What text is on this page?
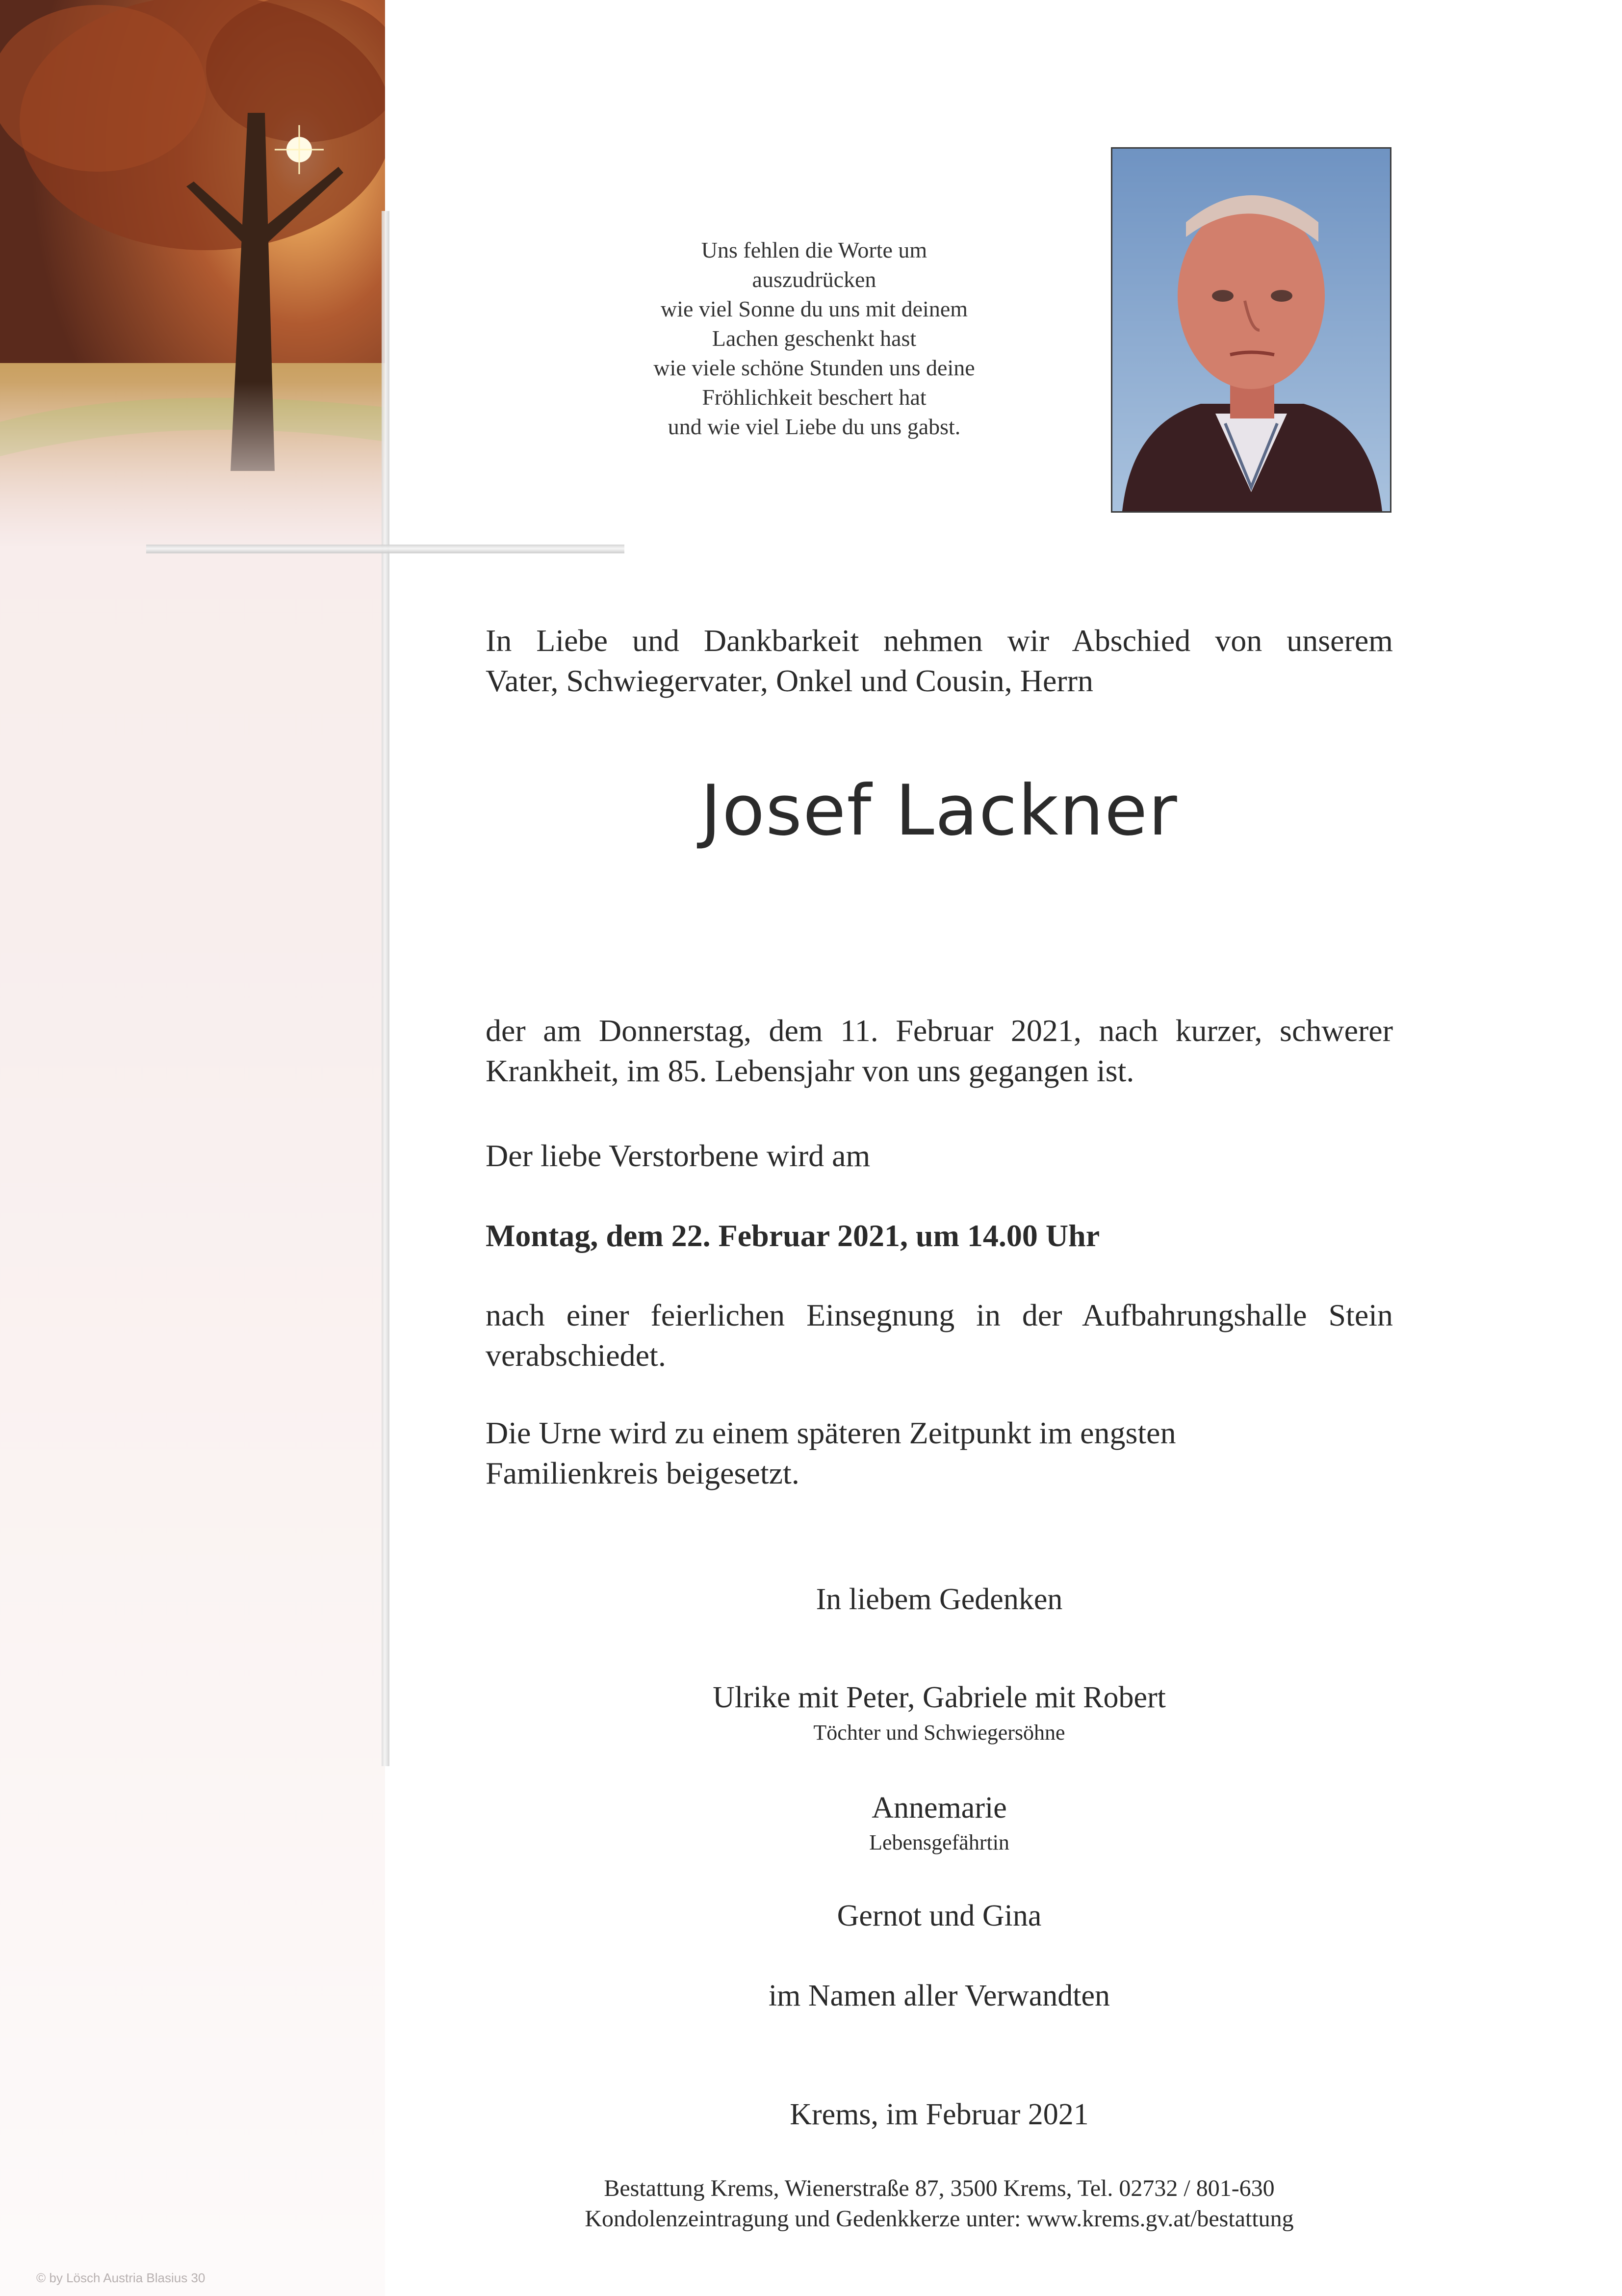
Uns fehlen die Worte um
auszudrücken
wie viel Sonne du uns mit deinem
Lachen geschenkt hast
wie viele schöne Stunden uns deine
Fröhlichkeit beschert hat
und wie viel Liebe du uns gabst.
In Liebe und Dankbarkeit nehmen wir Abschied von unserem
Vater, Schwiegervater, Onkel und Cousin, Herrn
Josef Lackner
der am Donnerstag, dem 11. Februar 2021, nach kurzer, schwerer
Krankheit, im 85. Lebensjahr von uns gegangen ist.
Der liebe Verstorbene wird am
Montag, dem 22. Februar 2021, um 14.00 Uhr
nach einer feierlichen Einsegnung in der Aufbahrungshalle Stein
verabschiedet.
Die Urne wird zu einem späteren Zeitpunkt im engsten
Familienkreis beigesetzt.
In liebem Gedenken
Ulrike mit Peter, Gabriele mit Robert
Töchter und Schwiegersöhne
Annemarie
Lebensgefährtin
Gernot und Gina
im Namen aller Verwandten
Krems, im Februar 2021
Bestattung Krems, Wienerstraße 87, 3500 Krems, Tel. 02732 / 801-630
Kondolenzeintragung und Gedenkkerze unter: www.krems.gv.at/bestattung
© by Lösch Austria Blasius 30
